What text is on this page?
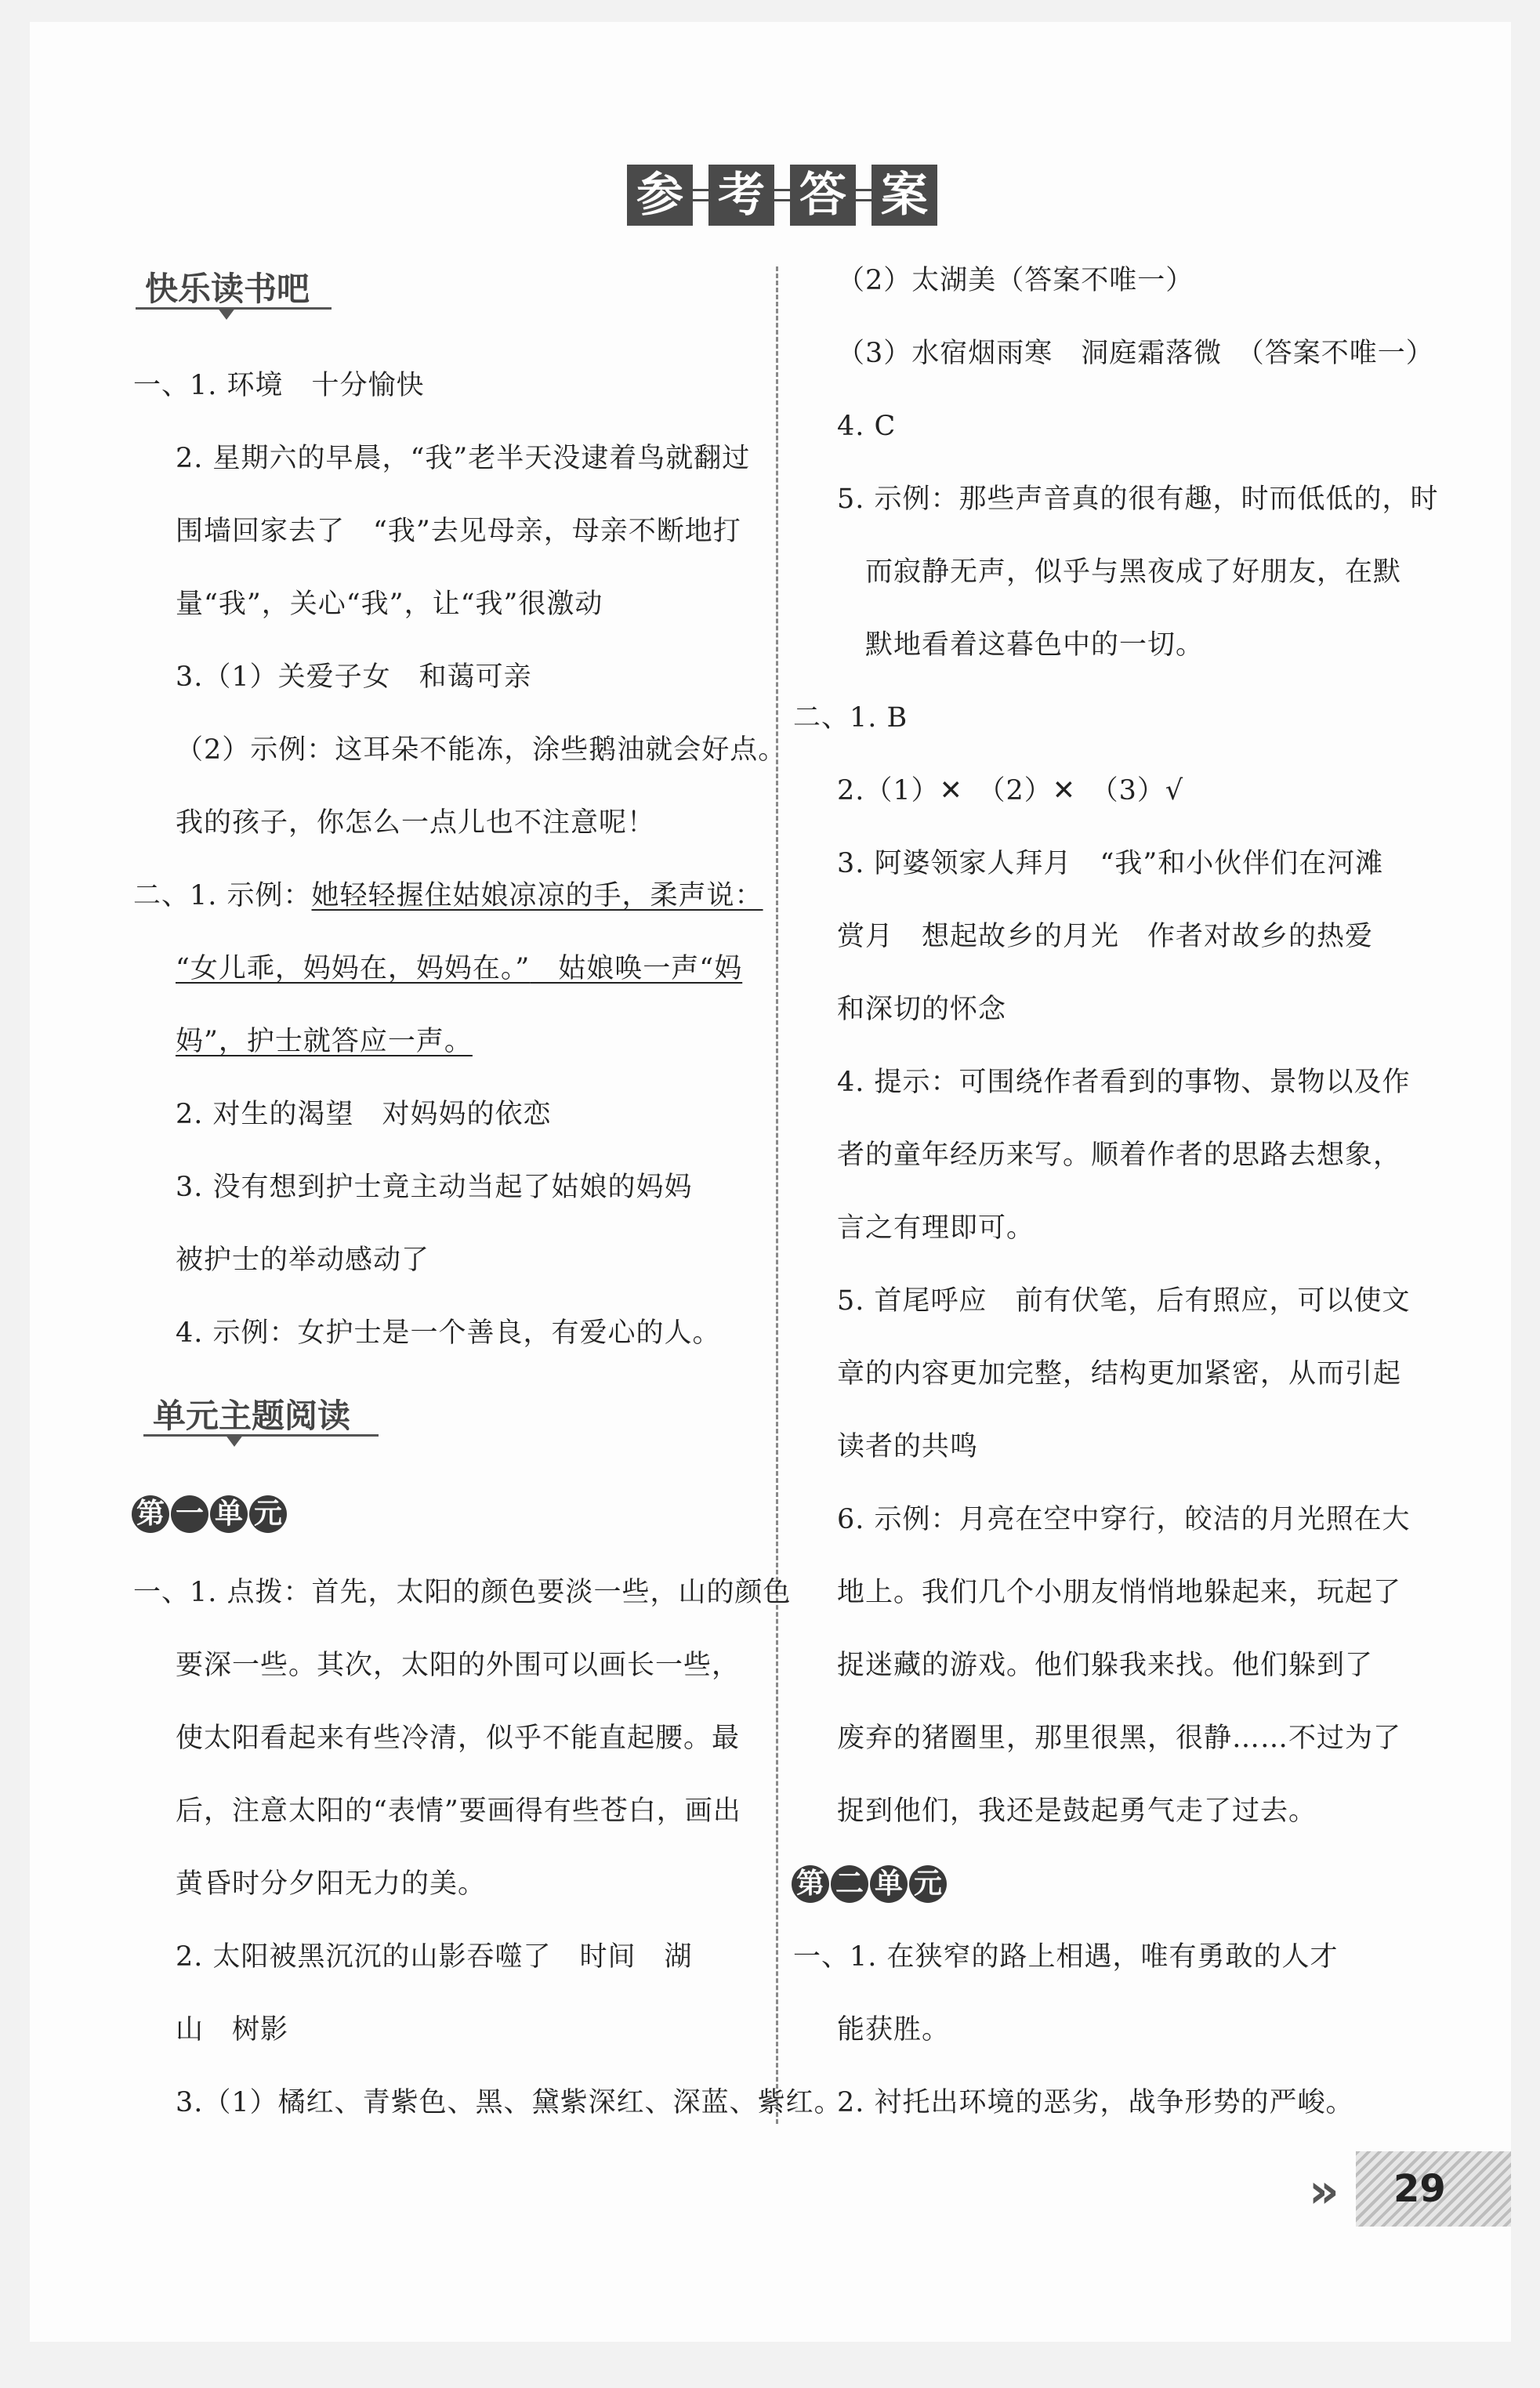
参 考 答 案
快乐读书吧
一、1. 环境　十分愉快
2. 星期六的早晨，“我”老半天没逮着鸟就翻过
围墙回家去了　“我”去见母亲，母亲不断地打
量“我”，关心“我”，让“我”很激动
3.（1）关爱子女　和蔼可亲
（2）示例：这耳朵不能冻，涂些鹅油就会好点。
我的孩子，你怎么一点儿也不注意呢！
二、1. 示例：她轻轻握住姑娘凉凉的手，柔声说：
“女儿乖，妈妈在，妈妈在。”　姑娘唤一声“妈
妈”，护士就答应一声。
2. 对生的渴望　对妈妈的依恋
3. 没有想到护士竟主动当起了姑娘的妈妈
被护士的举动感动了
4. 示例：女护士是一个善良，有爱心的人。
单元主题阅读
第 一 单 元
一、1. 点拨：首先，太阳的颜色要淡一些，山的颜色
要深一些。其次，太阳的外围可以画长一些，
使太阳看起来有些冷清，似乎不能直起腰。最
后，注意太阳的“表情”要画得有些苍白，画出
黄昏时分夕阳无力的美。
2. 太阳被黑沉沉的山影吞噬了　时间　湖
山　树影
3.（1）橘红、青紫色、黑、黛紫深红、深蓝、紫红。
（2）太湖美（答案不唯一）
（3）水宿烟雨寒　洞庭霜落微　（答案不唯一）
4. C
5. 示例：那些声音真的很有趣，时而低低的，时
而寂静无声，似乎与黑夜成了好朋友，在默
默地看着这暮色中的一切。
二、1. B
2.（1）✕　（2）✕　（3）√
3. 阿婆领家人拜月　“我”和小伙伴们在河滩
赏月　想起故乡的月光　作者对故乡的热爱
和深切的怀念
4. 提示：可围绕作者看到的事物、景物以及作
者的童年经历来写。顺着作者的思路去想象，
言之有理即可。
5. 首尾呼应　前有伏笔，后有照应，可以使文
章的内容更加完整，结构更加紧密，从而引起
读者的共鸣
6. 示例：月亮在空中穿行，皎洁的月光照在大
地上。我们几个小朋友悄悄地躲起来，玩起了
捉迷藏的游戏。他们躲我来找。他们躲到了
废弃的猪圈里，那里很黑，很静……不过为了
捉到他们，我还是鼓起勇气走了过去。
第 二 单 元
一、1. 在狭窄的路上相遇，唯有勇敢的人才
能获胜。
2. 衬托出环境的恶劣，战争形势的严峻。
» 29
